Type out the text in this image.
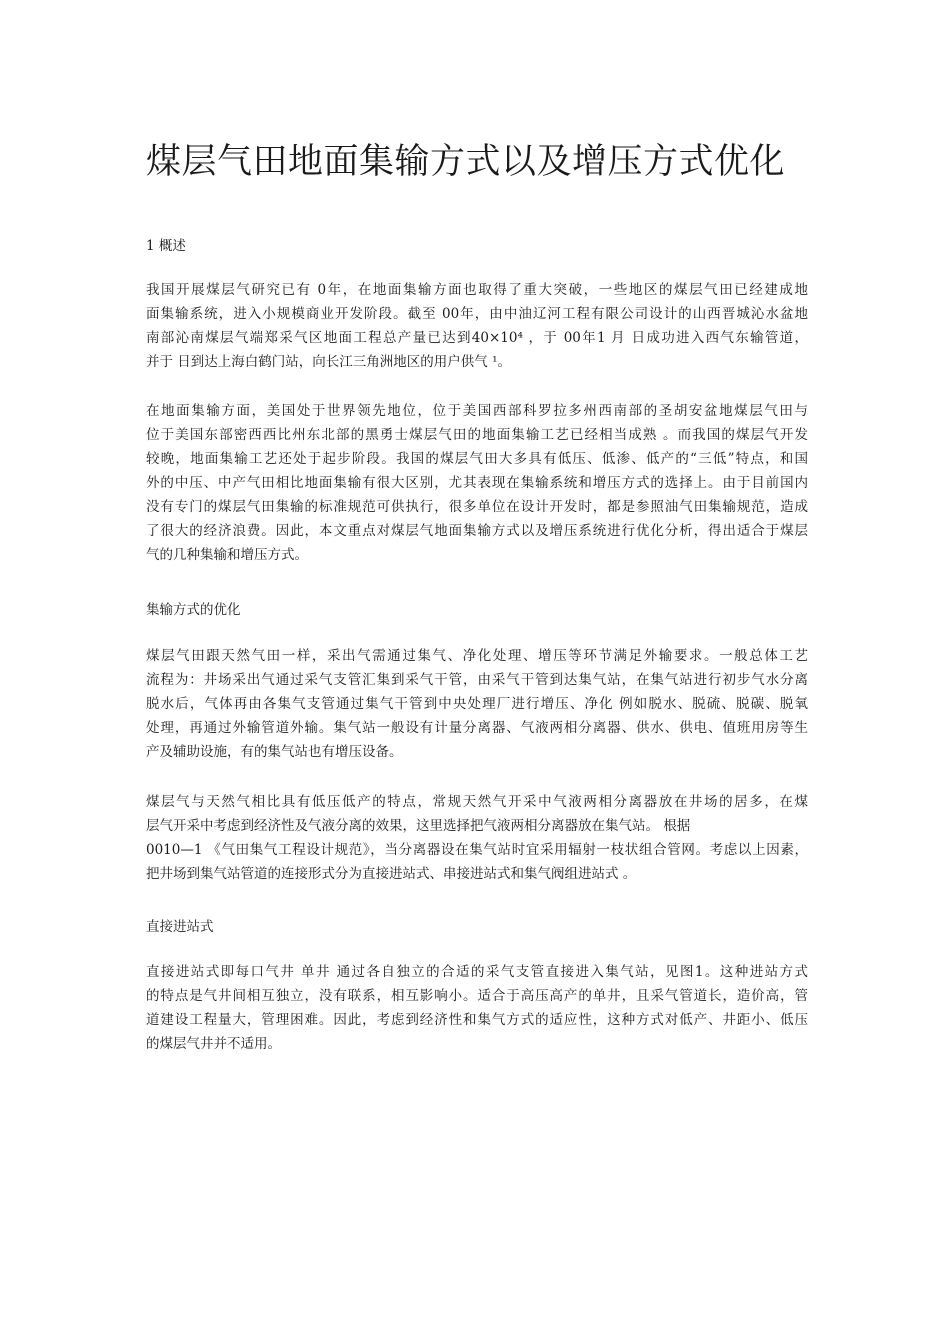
煤层气田地面集输方式以及增压方式优化
1 概述
我国开展煤层气研究已有 0年，在地面集输方面也取得了重大突破，一些地区的煤层气田已经建成地
面集输系统，进入小规模商业开发阶段。截至 00年，由中油辽河工程有限公司设计的山西晋城沁水盆地
南部沁南煤层气端郑采气区地面工程总产量已达到40×10⁴ ，于 00年1 月 日成功进入西气东输管道，
并于 日到达上海白鹤门站，向长江三角洲地区的用户供气 ¹。
在地面集输方面，美国处于世界领先地位，位于美国西部科罗拉多州西南部的圣胡安盆地煤层气田与
位于美国东部密西西比州东北部的黑勇士煤层气田的地面集输工艺已经相当成熟 。而我国的煤层气开发
较晚，地面集输工艺还处于起步阶段。我国的煤层气田大多具有低压、低渗、低产的“三低”特点，和国
外的中压、中产气田相比地面集输有很大区别，尤其表现在集输系统和增压方式的选择上。由于目前国内
没有专门的煤层气田集输的标准规范可供执行，很多单位在设计开发时，都是参照油气田集输规范，造成
了很大的经济浪费。因此，本文重点对煤层气地面集输方式以及增压系统进行优化分析，得出适合于煤层
气的几种集输和增压方式。
集输方式的优化
煤层气田跟天然气田一样，采出气需通过集气、净化处理、增压等环节满足外输要求。一般总体工艺
流程为：井场采出气通过采气支管汇集到采气干管，由采气干管到达集气站，在集气站进行初步气水分离
脱水后，气体再由各集气支管通过集气干管到中央处理厂进行增压、净化 例如脱水、脱硫、脱碳、脱氧
处理，再通过外输管道外输。集气站一般设有计量分离器、气液两相分离器、供水、供电、值班用房等生
产及辅助设施，有的集气站也有增压设备。
煤层气与天然气相比具有低压低产的特点，常规天然气开采中气液两相分离器放在井场的居多，在煤
层气开采中考虑到经济性及气液分离的效果，这里选择把气液两相分离器放在集气站。 根据
0010—1 《气田集气工程设计规范》，当分离器设在集气站时宜采用辐射一枝状组合管网。考虑以上因素，
把井场到集气站管道的连接形式分为直接进站式、串接进站式和集气阀组进站式 。
直接进站式
直接进站式即每口气井 单井 通过各自独立的合适的采气支管直接进入集气站，见图1。这种进站方式
的特点是气井间相互独立，没有联系，相互影响小。适合于高压高产的单井，且采气管道长，造价高，管
道建设工程量大，管理困难。因此，考虑到经济性和集气方式的适应性，这种方式对低产、井距小、低压
的煤层气井并不适用。
